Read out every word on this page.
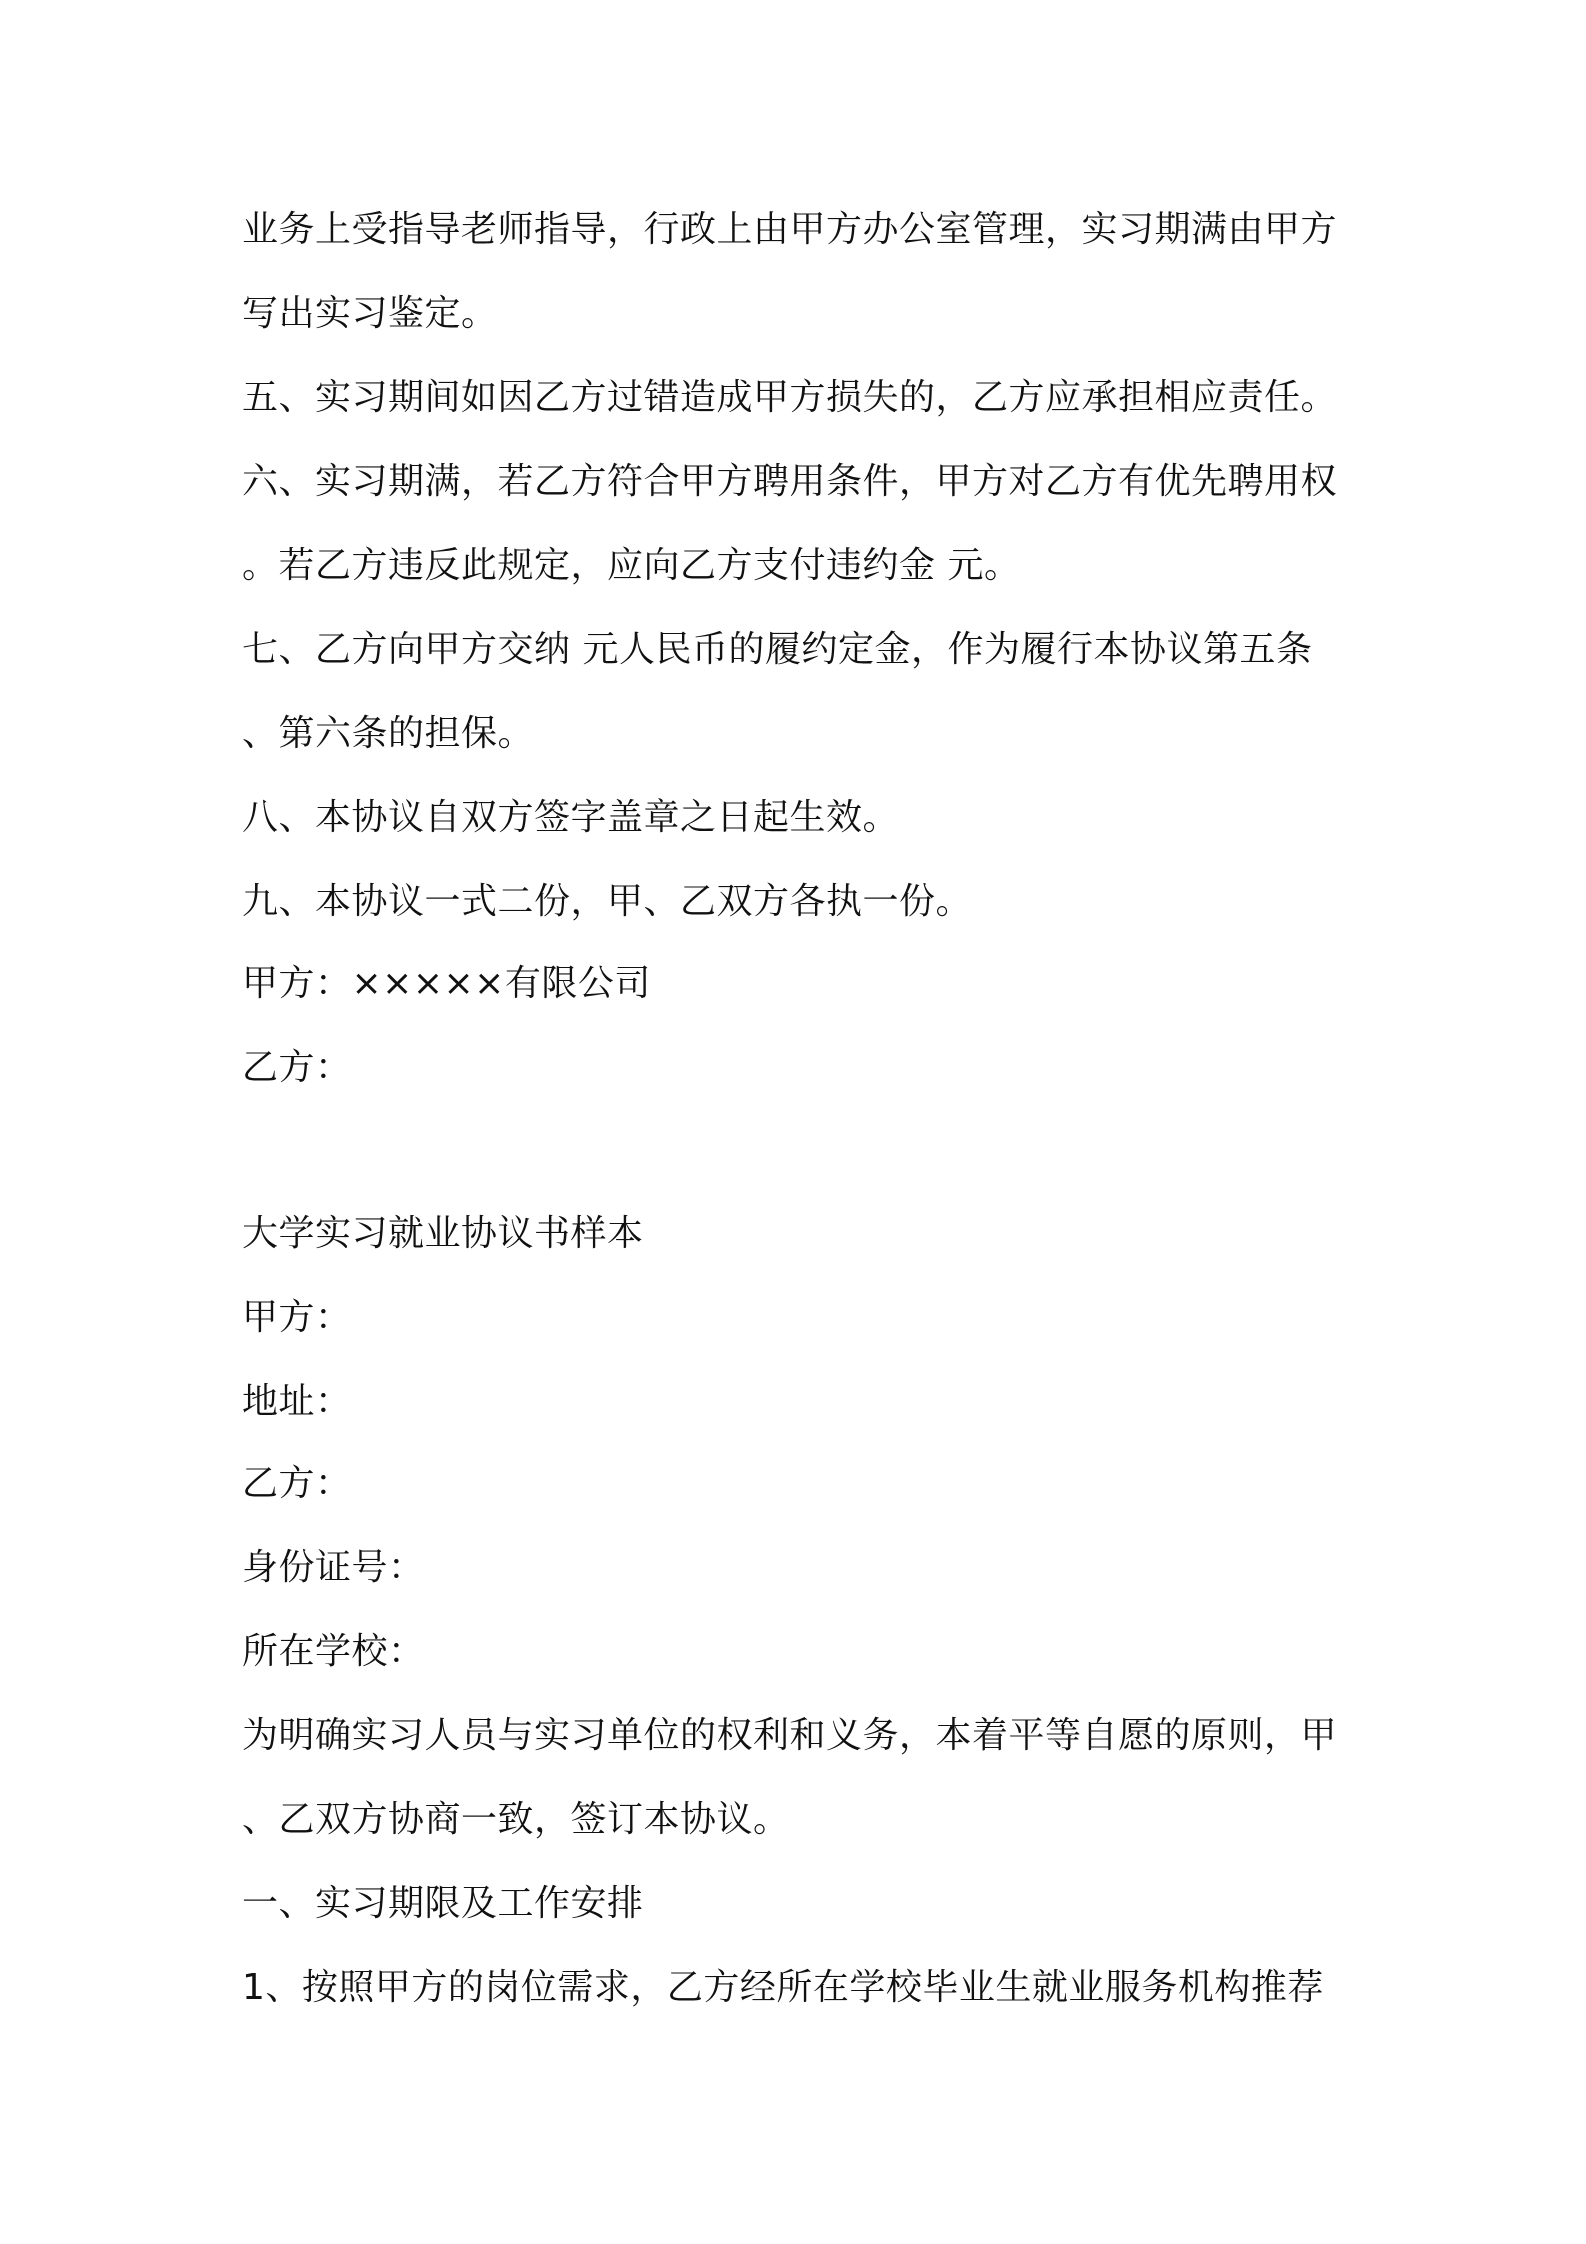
业务上受指导老师指导，行政上由甲方办公室管理，实习期满由甲方
写出实习鉴定。
五、实习期间如因乙方过错造成甲方损失的，乙方应承担相应责任。
六、实习期满，若乙方符合甲方聘用条件，甲方对乙方有优先聘用权
。若乙方违反此规定，应向乙方支付违约金 元。
七、乙方向甲方交纳 元人民币的履约定金，作为履行本协议第五条
、第六条的担保。
八、本协议自双方签字盖章之日起生效。
九、本协议一式二份，甲、乙双方各执一份。
甲方：×××××有限公司
乙方：
大学实习就业协议书样本
甲方：
地址：
乙方：
身份证号：
所在学校：
为明确实习人员与实习单位的权利和义务，本着平等自愿的原则，甲
、乙双方协商一致，签订本协议。
一、实习期限及工作安排
1、按照甲方的岗位需求，乙方经所在学校毕业生就业服务机构推荐
